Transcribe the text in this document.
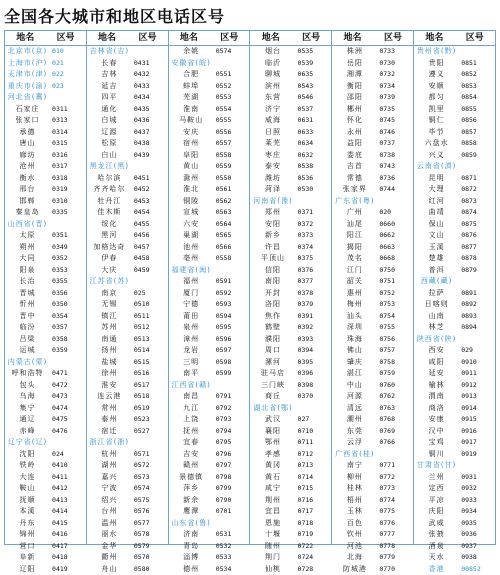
全国各大城市和地区电话区号
地名	区号
北京市(京) 010
上海市(沪) 021
天津市(津) 022
重庆市(渝) 023
河北省(冀)
石家庄	0311
张家口	0313
承德	0314
唐山	0315
廊坊	0316
沧州	0317
衡水	0318
邢台	0319
邯郸	0310
秦皇岛	0335
山西省(晋)
太原	0351
朔州	0349
大同	0352
阳泉	0353
长治	0355
晋城	0356
忻州	0350
晋中	0354
临汾	0357
吕梁	0358
运城	0359
内蒙古(蒙)
呼和浩特	0471
包头	0472
乌海	0473
集宁	0474
通辽	0475
赤峰	0476
辽宁省(辽)
沈阳	024
铁岭	0410
大连	0411
鞍山	0412
抚顺	0413
本溪	0414
丹东	0415
锦州	0416
营口	0417
阜新	0418
辽阳	0419
地名	区号
吉林省(吉)
长春	0431
吉林	0432
延吉	0433
四平	0434
通化	0435
白城	0436
辽源	0437
松原	0438
白山	0439
黑龙江(黑)
哈尔滨	0451
齐齐哈尔	0452
牡丹江	0453
佳木斯	0454
绥化	0455
黑河	0456
加格达奇	0457
伊春	0458
大庆	0459
江苏省(苏)
南京	025
无锡	0510
镇江	0511
苏州	0512
南通	0513
扬州	0514
盐城	0515
徐州	0516
淮安	0517
连云港	0518
常州	0519
泰州	0523
宿迁	0527
浙江省(浙)
杭州	0571
湖州	0572
嘉兴	0573
宁波	0574
绍兴	0575
台州	0576
温州	0577
丽水	0578
金华	0579
衢州	0570
舟山	0580
地名	区号
余姚	0574
安徽省(皖)
合肥	0551
蚌埠	0552
芜湖	0553
淮南	0554
马鞍山	0555
安庆	0556
宿州	0557
阜阳	0558
黄山	0559
滁州	0550
淮北	0561
铜陵	0562
宣城	0563
六安	0564
巢湖	0565
池州	0566
亳州	0558
福建省(闽)
福州	0591
厦门	0592
宁德	0593
莆田	0594
泉州	0595
漳州	0596
龙岩	0597
三明	0598
南平	0599
江西省(赣)
南昌	0791
九江	0792
上饶	0793
抚州	0794
宜春	0795
吉安	0796
赣州	0797
景德镇	0798
萍乡	0799
新余	0790
鹰潭	0701
山东省(鲁)
济南	0531
青岛	0532
淄博	0533
德州	0534
地名	区号
烟台	0535
临沂	0539
聊城	0635
滨州	0543
东营	0546
济宁	0537
威海	0631
日照	0633
莱芜	0634
枣庄	0632
泰安	0538
潍坊	0536
菏泽	0530
河南省(豫)
郑州	0371
安阳	0372
新乡	0373
许昌	0374
平顶山	0375
信阳	0376
南阳	0377
开封	0378
洛阳	0379
焦作	0391
鹤壁	0392
濮阳	0393
周口	0394
漯河	0395
驻马店	0396
三门峡	0398
商丘	0370
湖北省(鄂)
武汉	027
襄阳	0710
鄂州	0711
孝感	0712
黄冈	0713
黄石	0714
咸宁	0715
荆州	0716
宜昌	0717
恩施	0718
十堰	0719
随州	0722
荆门	0724
仙桃	0728
地名	区号
株洲	0733
岳阳	0730
湘潭	0732
衡阳	0734
邵阳	0739
郴州	0735
怀化	0745
永州	0746
益阳	0737
娄底	0738
吉首	0743
常德	0736
张家界	0744
广东省(粤)
广州	020
汕尾	0660
阳江	0662
揭阳	0663
茂名	0668
江门	0750
韶关	0751
惠州	0752
梅州	0753
汕头	0754
深圳	0755
珠海	0756
佛山	0757
肇庆	0758
湛江	0759
中山	0760
河源	0762
清远	0763
潮州	0768
东莞	0769
云浮	0766
广西省(桂)
南宁	0771
柳州	0772
桂林	0773
梧州	0774
玉林	0775
百色	0776
钦州	0777
河池	0778
北海	0779
防城港	0770
地名	区号
贵州省(黔)
贵阳	0851
遵义	0852
安顺	0853
都匀	0854
凯里	0855
铜仁	0856
毕节	0857
六盘水	0858
兴义	0859
云南省(滇)
昆明	0871
大理	0872
红河	0873
曲靖	0874
保山	0875
文山	0876
玉溪	0877
楚雄	0878
普洱	0879
西藏(藏)
拉萨	0891
日喀则	0892
山南	0893
林芝	0894
陕西省(陕)
西安	029
咸阳	0910
延安	0911
榆林	0912
渭南	0913
商洛	0914
安康	0915
汉中	0916
宝鸡	0917
铜川	0919
甘肃省(甘)
兰州	0931
定西	0932
平凉	0933
庆阳	0934
武威	0935
张掖	0936
酒泉	0937
天水	0938
香港	00852
